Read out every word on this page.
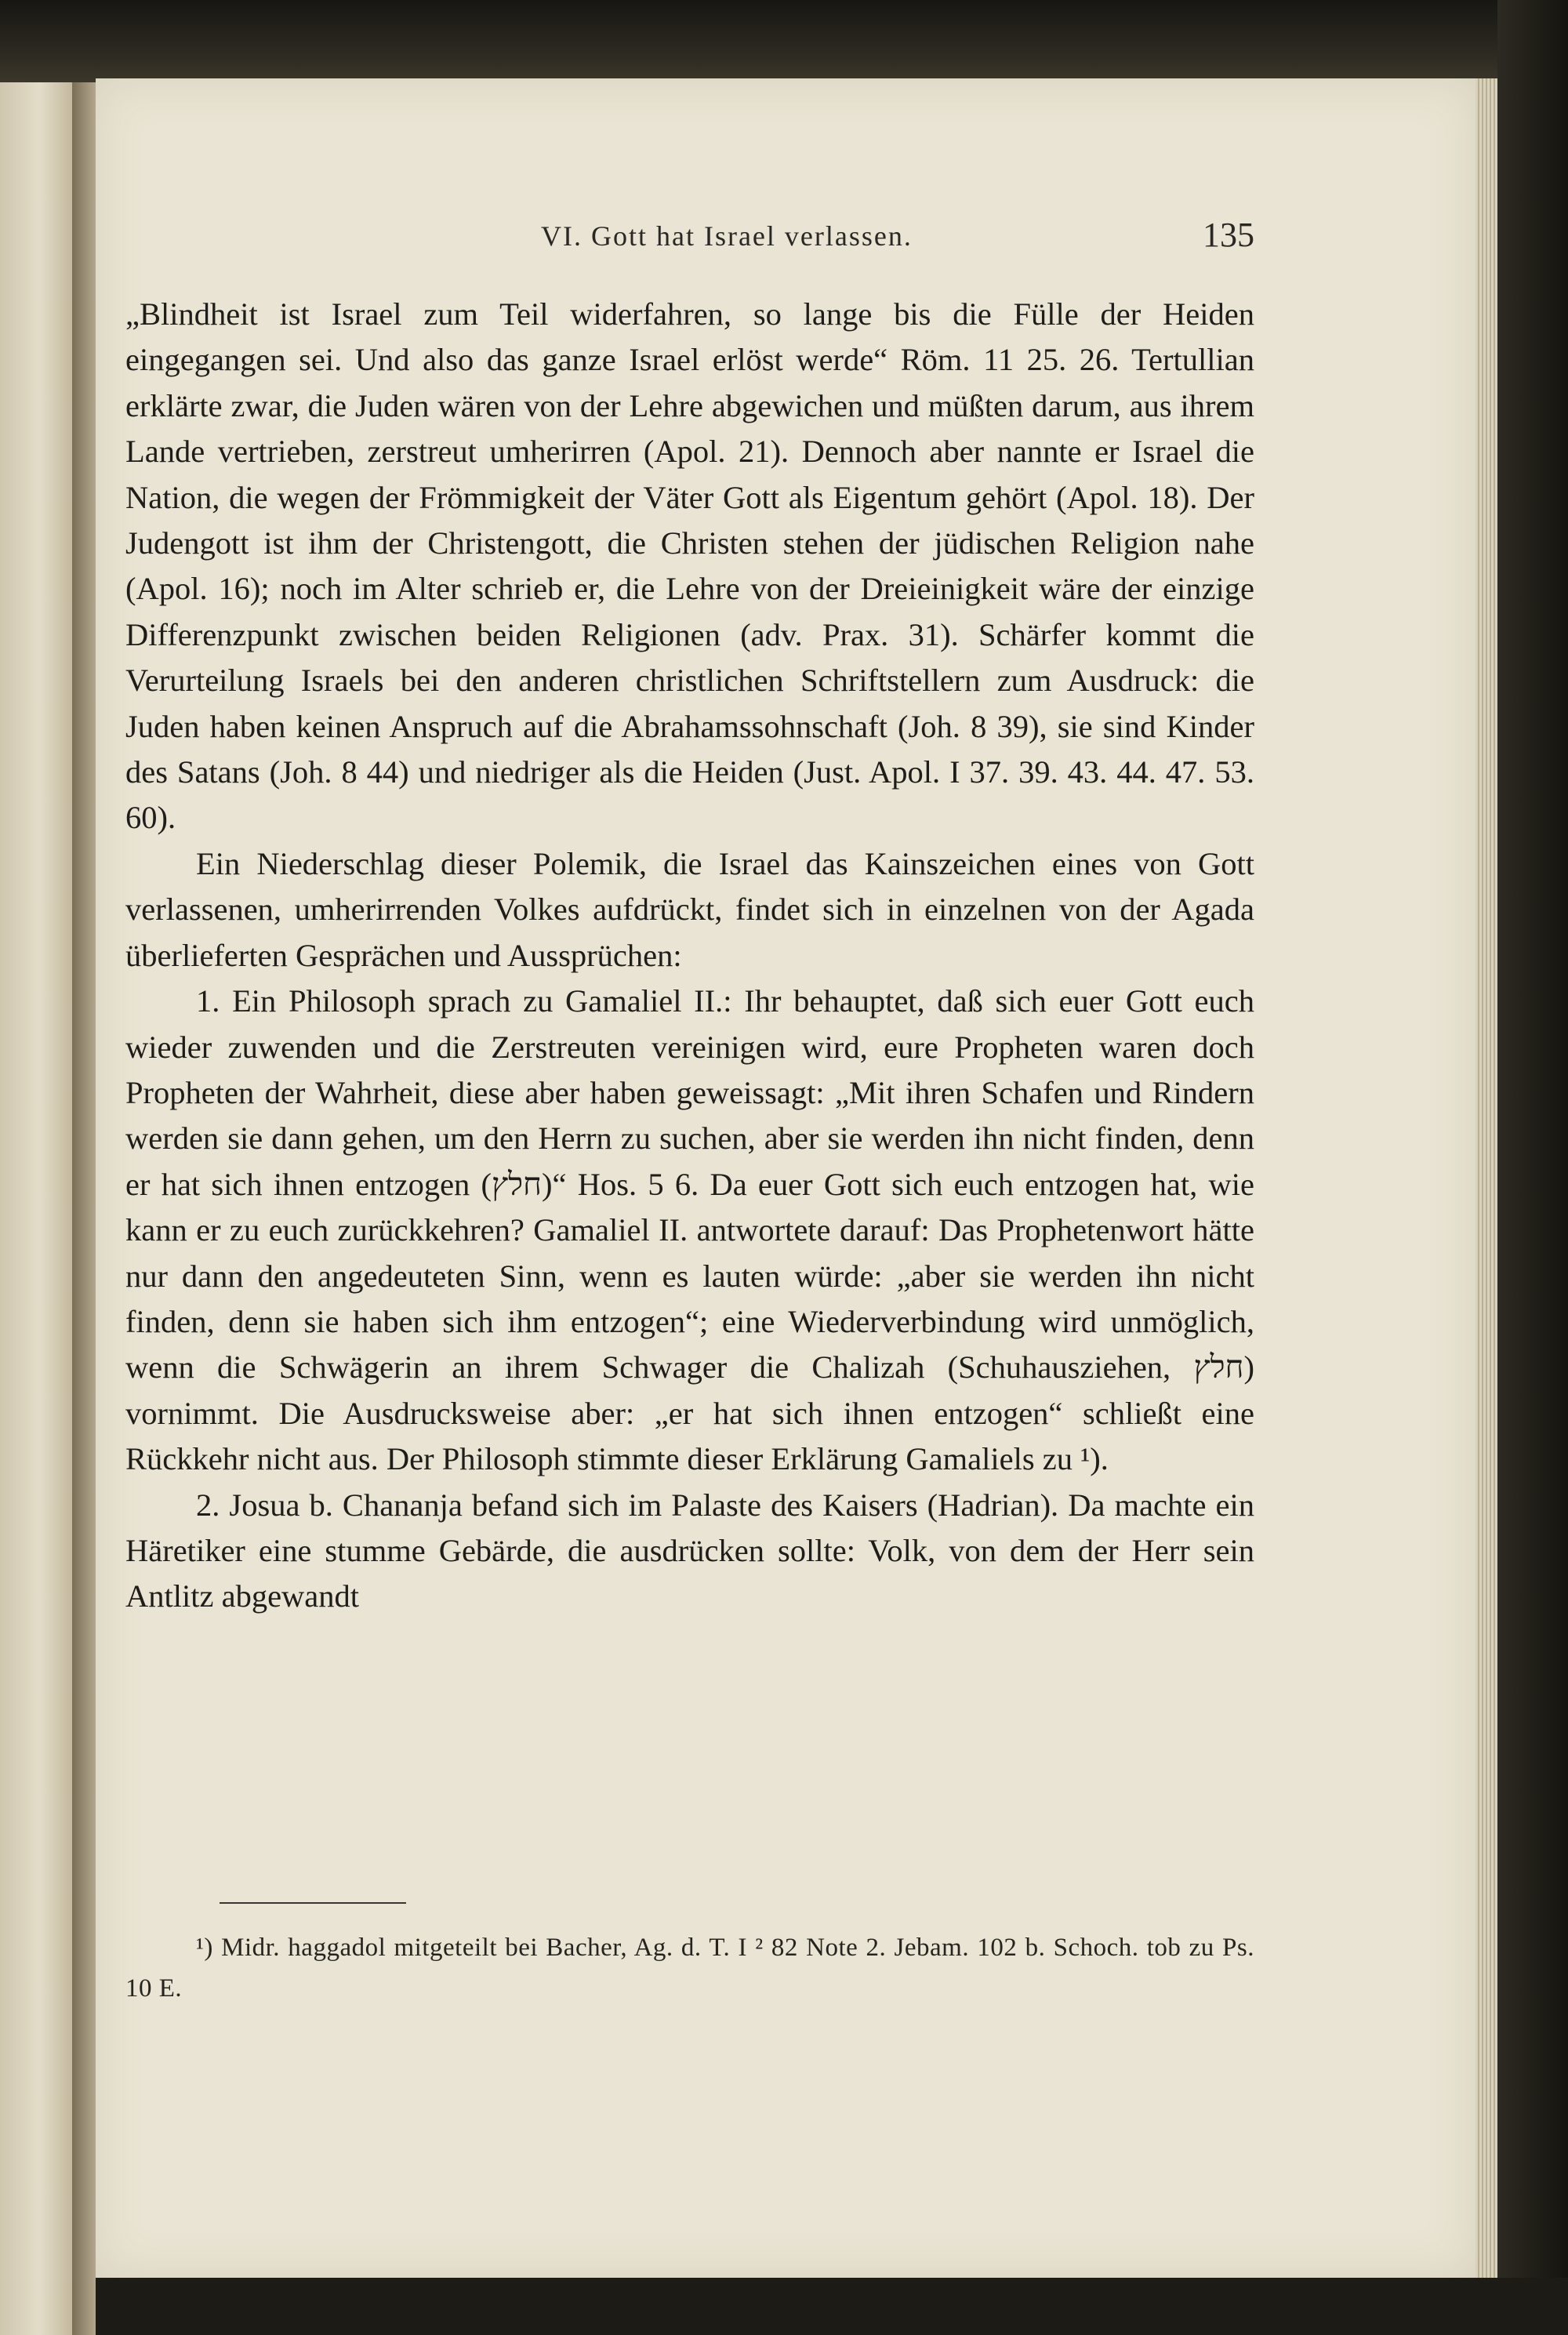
VI. Gott hat Israel verlassen.	135

„Blindheit ist Israel zum Teil widerfahren, so lange bis die Fülle der Heiden eingegangen sei. Und also das ganze Israel erlöst werde“ Röm. 11 25. 26. Tertullian erklärte zwar, die Juden wären von der Lehre abgewichen und müßten darum, aus ihrem Lande vertrieben, zerstreut umherirren (Apol. 21). Dennoch aber nannte er Israel die Nation, die wegen der Frömmigkeit der Väter Gott als Eigentum gehört (Apol. 18). Der Judengott ist ihm der Christengott, die Christen stehen der jüdischen Religion nahe (Apol. 16); noch im Alter schrieb er, die Lehre von der Dreieinigkeit wäre der einzige Differenzpunkt zwischen beiden Religionen (adv. Prax. 31). Schärfer kommt die Verurteilung Israels bei den anderen christlichen Schriftstellern zum Ausdruck: die Juden haben keinen Anspruch auf die Abrahamssohnschaft (Joh. 8 39), sie sind Kinder des Satans (Joh. 8 44) und niedriger als die Heiden (Just. Apol. I 37. 39. 43. 44. 47. 53. 60).

Ein Niederschlag dieser Polemik, die Israel das Kainszeichen eines von Gott verlassenen, umherirrenden Volkes aufdrückt, findet sich in einzelnen von der Agada überlieferten Gesprächen und Aussprüchen:

1. Ein Philosoph sprach zu Gamaliel II.: Ihr behauptet, daß sich euer Gott euch wieder zuwenden und die Zerstreuten vereinigen wird, eure Propheten waren doch Propheten der Wahrheit, diese aber haben geweissagt: „Mit ihren Schafen und Rindern werden sie dann gehen, um den Herrn zu suchen, aber sie werden ihn nicht finden, denn er hat sich ihnen entzogen (חלץ)“ Hos. 5 6. Da euer Gott sich euch entzogen hat, wie kann er zu euch zurückkehren? Gamaliel II. antwortete darauf: Das Prophetenwort hätte nur dann den angedeuteten Sinn, wenn es lauten würde: „aber sie werden ihn nicht finden, denn sie haben sich ihm entzogen“; eine Wiederverbindung wird unmöglich, wenn die Schwägerin an ihrem Schwager die Chalizah (Schuhausziehen, חלץ) vornimmt. Die Ausdrucksweise aber: „er hat sich ihnen entzogen“ schließt eine Rückkehr nicht aus. Der Philosoph stimmte dieser Erklärung Gamaliels zu ¹).

2. Josua b. Chananja befand sich im Palaste des Kaisers (Hadrian). Da machte ein Häretiker eine stumme Gebärde, die ausdrücken sollte: Volk, von dem der Herr sein Antlitz abgewandt

¹) Midr. haggadol mitgeteilt bei Bacher, Ag. d. T. I ² 82 Note 2. Jebam. 102 b. Schoch. tob zu Ps. 10 E.
